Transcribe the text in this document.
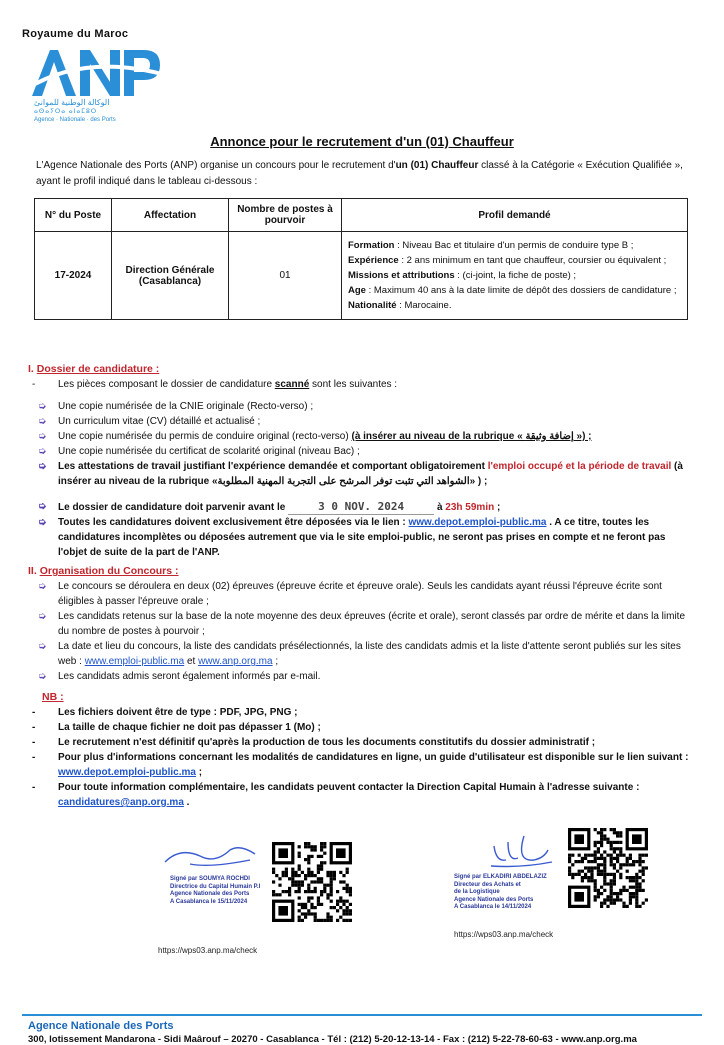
Royaume du Maroc
الوكالة الوطنية للموانئ
ⴰⵙⴰⵢⵔⴰ ⴰⵏⴰⵎⵓⵔ
Agence · Nationale · des Ports
Annonce pour le recrutement d'un (01) Chauffeur
L'Agence Nationale des Ports (ANP) organise un concours pour le recrutement d'un (01) Chauffeur classé à la Catégorie « Exécution Qualifiée »,
ayant le profil indiqué dans le tableau ci-dessous :
N° du Poste	Affectation	Nombre de postes à pourvoir	Profil demandé
17-2024	Direction Générale (Casablanca)	01	Formation : Niveau Bac et titulaire d'un permis de conduire type B ;
Expérience : 2 ans minimum en tant que chauffeur, coursier ou équivalent ;
Missions et attributions : (ci-joint, la fiche de poste) ;
Age : Maximum 40 ans à la date limite de dépôt des dossiers de candidature ;
Nationalité : Marocaine.
I. Dossier de candidature :
- Les pièces composant le dossier de candidature scanné sont les suivantes :
➭ Une copie numérisée de la CNIE originale (Recto-verso) ;
➭ Un curriculum vitae (CV) détaillé et actualisé ;
➭ Une copie numérisée du permis de conduire original (recto-verso) (à insérer au niveau de la rubrique « إضافة وثيقة ») ;
➭ Une copie numérisée du certificat de scolarité original (niveau Bac) ;
➭ Les attestations de travail justifiant l'expérience demandée et comportant obligatoirement l'emploi occupé et la période de travail (à insérer au niveau de la rubrique «الشواهد التي تثبت توفر المرشح على التجربة المهنية المطلوبة» ) ;
➭ Le dossier de candidature doit parvenir avant le	3 0 NOV. 2024	à 23h 59min ;
➭ Toutes les candidatures doivent exclusivement être déposées via le lien : www.depot.emploi-public.ma . A ce titre, toutes les candidatures incomplètes ou déposées autrement que via le site emploi-public, ne seront pas prises en compte et ne feront pas l'objet de suite de la part de l'ANP.
II. Organisation du Concours :
➭ Le concours se déroulera en deux (02) épreuves (épreuve écrite et épreuve orale). Seuls les candidats ayant réussi l'épreuve écrite sont éligibles à passer l'épreuve orale ;
➭ Les candidats retenus sur la base de la note moyenne des deux épreuves (écrite et orale), seront classés par ordre de mérite et dans la limite du nombre de postes à pourvoir ;
➭ La date et lieu du concours, la liste des candidats présélectionnés, la liste des candidats admis et la liste d'attente seront publiés sur les sites web : www.emploi-public.ma et www.anp.org.ma ;
➭ Les candidats admis seront également informés par e-mail.
NB :
- Les fichiers doivent être de type : PDF, JPG, PNG ;
- La taille de chaque fichier ne doit pas dépasser 1 (Mo) ;
- Le recrutement n'est définitif qu'après la production de tous les documents constitutifs du dossier administratif ;
- Pour plus d'informations concernant les modalités de candidatures en ligne, un guide d'utilisateur est disponible sur le lien suivant : www.depot.emploi-public.ma ;
- Pour toute information complémentaire, les candidats peuvent contacter la Direction Capital Humain à l'adresse suivante : candidatures@anp.org.ma .
Signé par SOUMYA ROCHDI
Directrice du Capital Humain P.I
Agence Nationale des Ports
A Casablanca le 15/11/2024
https://wps03.anp.ma/check
Signé par ELKADIRI ABDELAZIZ
Directeur des Achats et
de la Logistique
Agence Nationale des Ports
A Casablanca le 14/11/2024
https://wps03.anp.ma/check
Agence Nationale des Ports
300, lotissement Mandarona - Sidi Maârouf – 20270 - Casablanca - Tél : (212) 5-20-12-13-14 - Fax : (212) 5-22-78-60-63 - www.anp.org.ma
